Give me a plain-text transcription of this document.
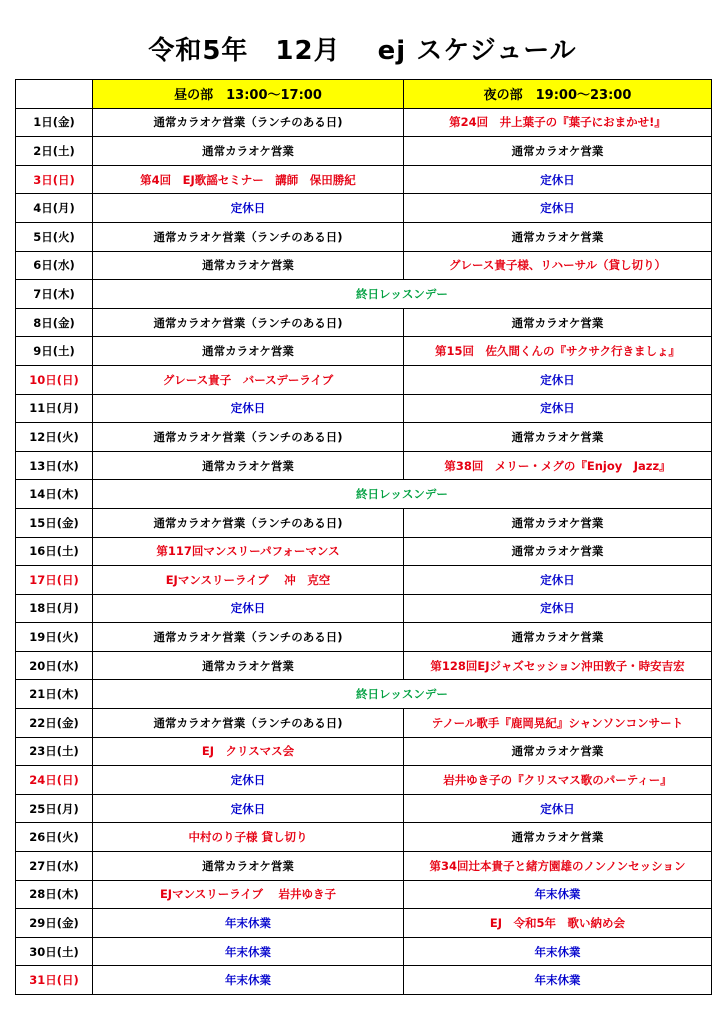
令和5年　12月　 ej スケジュール
	昼の部　13:00～17:00	夜の部　19:00～23:00
1日(金)	通常カラオケ営業（ランチのある日)	第24回　井上葉子の『葉子におまかせ!』
2日(土)	通常カラオケ営業	通常カラオケ営業
3日(日)	第4回　EJ歌謡セミナー　講師　保田勝紀	定休日
4日(月)	定休日	定休日
5日(火)	通常カラオケ営業（ランチのある日)	通常カラオケ営業
6日(水)	通常カラオケ営業	グレース貴子様、リハーサル（貸し切り）
7日(木)	終日レッスンデー	
8日(金)	通常カラオケ営業（ランチのある日)	通常カラオケ営業
9日(土)	通常カラオケ営業	第15回　佐久間くんの『サクサク行きましょ』
10日(日)	グレース貴子　バースデーライブ	定休日
11日(月)	定休日	定休日
12日(火)	通常カラオケ営業（ランチのある日)	通常カラオケ営業
13日(水)	通常カラオケ営業	第38回　メリー・メグの『Enjoy　Jazz』
14日(木)	終日レッスンデー	
15日(金)	通常カラオケ営業（ランチのある日)	通常カラオケ営業
16日(土)	第117回マンスリーパフォーマンス	通常カラオケ営業
17日(日)	EJマンスリーライブ　 冲　克空	定休日
18日(月)	定休日	定休日
19日(火)	通常カラオケ営業（ランチのある日)	通常カラオケ営業
20日(水)	通常カラオケ営業	第128回EJジャズセッション沖田敦子・時安吉宏
21日(木)	終日レッスンデー	
22日(金)	通常カラオケ営業（ランチのある日)	テノール歌手『鹿岡晃紀』シャンソンコンサート
23日(土)	EJ　クリスマス会	通常カラオケ営業
24日(日)	定休日	岩井ゆき子の『クリスマス歌のパーティー』
25日(月)	定休日	定休日
26日(火)	中村のり子様 貸し切り	通常カラオケ営業
27日(水)	通常カラオケ営業	第34回辻本貴子と緒方園雄のノンノンセッション
28日(木)	EJマンスリーライブ　 岩井ゆき子	年末休業
29日(金)	年末休業	EJ　令和5年　歌い納め会
30日(土)	年末休業	年末休業
31日(日)	年末休業	年末休業
